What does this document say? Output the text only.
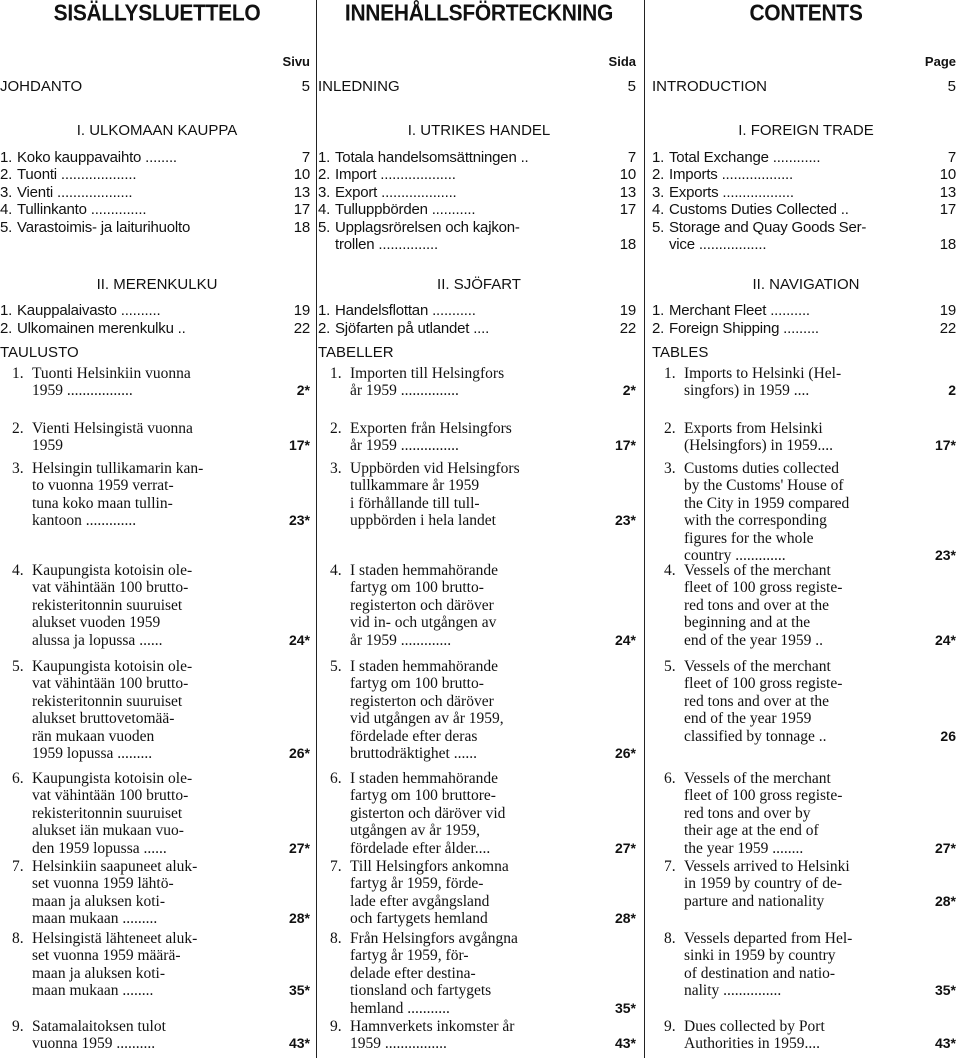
SISÄLLYSLUETTELO
Sivu
JOHDANTO	5
I. ULKOMAAN KAUPPA
1. Koko kauppavaihto ........	7
2. Tuonti ...................	10
3. Vienti ...................	13
4. Tullinkanto ..............	17
5. Varastoimis- ja laiturihuolto	18
II. MERENKULKU
1. Kauppalaivasto ..........	19
2. Ulkomainen merenkulku ..	22
TAULUSTO
1. Tuonti Helsinkiin vuonna
1959 .................	2*
2. Vienti Helsingistä vuonna
1959	17*
3. Helsingin tullikamarin kan-
to vuonna 1959 verrat-
tuna koko maan tullin-
kantoon .............	23*
4. Kaupungista kotoisin ole-
vat vähintään 100 brutto-
rekisteritonnin suuruiset
alukset vuoden 1959
alussa ja lopussa ......	24*
5. Kaupungista kotoisin ole-
vat vähintään 100 brutto-
rekisteritonnin suuruiset
alukset bruttovetomää-
rän mukaan vuoden
1959 lopussa .........	26*
6. Kaupungista kotoisin ole-
vat vähintään 100 brutto-
rekisteritonnin suuruiset
alukset iän mukaan vuo-
den 1959 lopussa ......	27*
7. Helsinkiin saapuneet aluk-
set vuonna 1959 lähtö-
maan ja aluksen koti-
maan mukaan .........	28*
8. Helsingistä lähteneet aluk-
set vuonna 1959 määrä-
maan ja aluksen koti-
maan mukaan ........	35*
9. Satamalaitoksen tulot
vuonna 1959 ..........	43*
INNEHÅLLSFÖRTECKNING
Sida
INLEDNING	5
I. UTRIKES HANDEL
1. Totala handelsomsättningen ..	7
2. Import ...................	10
3. Export ...................	13
4. Tulluppbörden ...........	17
5. Upplagsrörelsen och kajkon-
trollen ...............	18
II. SJÖFART
1. Handelsflottan ...........	19
2. Sjöfarten på utlandet ....	22
TABELLER
1. Importen till Helsingfors
år 1959 ...............	2*
2. Exporten från Helsingfors
år 1959 ...............	17*
3. Uppbörden vid Helsingfors
tullkammare år 1959
i förhållande till tull-
uppbörden i hela landet	23*
4. I staden hemmahörande
fartyg om 100 brutto-
registerton och däröver
vid in- och utgången av
år 1959 .............	24*
5. I staden hemmahörande
fartyg om 100 brutto-
registerton och däröver
vid utgången av år 1959,
fördelade efter deras
bruttodräktighet ......	26*
6. I staden hemmahörande
fartyg om 100 bruttore-
gisterton och däröver vid
utgången av år 1959,
fördelade efter ålder....	27*
7. Till Helsingfors ankomna
fartyg år 1959, förde-
lade efter avgångsland
och fartygets hemland	28*
8. Från Helsingfors avgångna
fartyg år 1959, för-
delade efter destina-
tionsland och fartygets
hemland ...........	35*
9. Hamnverkets inkomster år
1959 ................	43*
CONTENTS
Page
INTRODUCTION	5
I. FOREIGN TRADE
1. Total Exchange ............	7
2. Imports ..................	10
3. Exports ..................	13
4. Customs Duties Collected ..	17
5. Storage and Quay Goods Ser-
vice .................	18
II. NAVIGATION
1. Merchant Fleet ..........	19
2. Foreign Shipping .........	22
TABLES
1. Imports to Helsinki (Hel-
singfors) in 1959 ....	2
2. Exports from Helsinki
(Helsingfors) in 1959....	17*
3. Customs duties collected
by the Customs' House of
the City in 1959 compared
with the corresponding
figures for the whole
country .............	23*
4. Vessels of the merchant
fleet of 100 gross registe-
red tons and over at the
beginning and at the
end of the year 1959 ..	24*
5. Vessels of the merchant
fleet of 100 gross registe-
red tons and over at the
end of the year 1959
classified by tonnage ..	26
6. Vessels of the merchant
fleet of 100 gross registe-
red tons and over by
their age at the end of
the year 1959 ........	27*
7. Vessels arrived to Helsinki
in 1959 by country of de-
parture and nationality	28*
8. Vessels departed from Hel-
sinki in 1959 by country
of destination and natio-
nality ...............	35*
9. Dues collected by Port
Authorities in 1959....	43*
